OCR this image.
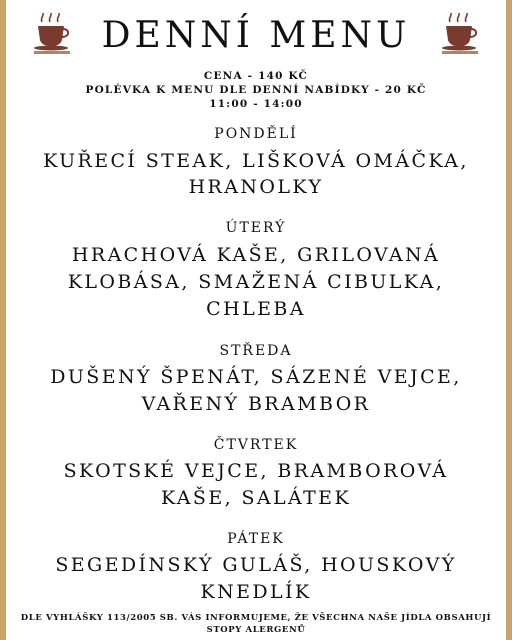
DENNÍ MENU
CENA - 140 KČ
POLÉVKA K MENU DLE DENNÍ NABÍDKY - 20 KČ
11:00 - 14:00
PONDĚLÍ
KUŘECÍ STEAK, LIŠKOVÁ OMÁČKA,
HRANOLKY
ÚTERÝ
HRACHOVÁ KAŠE, GRILOVANÁ
KLOBÁSA, SMAŽENÁ CIBULKA,
CHLEBA
STŘEDA
DUŠENÝ ŠPENÁT, SÁZENÉ VEJCE,
VAŘENÝ BRAMBOR
ČTVRTEK
SKOTSKÉ VEJCE, BRAMBOROVÁ
KAŠE, SALÁTEK
PÁTEK
SEGEDÍNSKÝ GULÁŠ, HOUSKOVÝ
KNEDLÍK
DLE VYHLÁŠKY 113/2005 SB. VÁS INFORMUJEME, ŽE VŠECHNA NAŠE JÍDLA OBSAHUJÍ
STOPY ALERGENŮ
